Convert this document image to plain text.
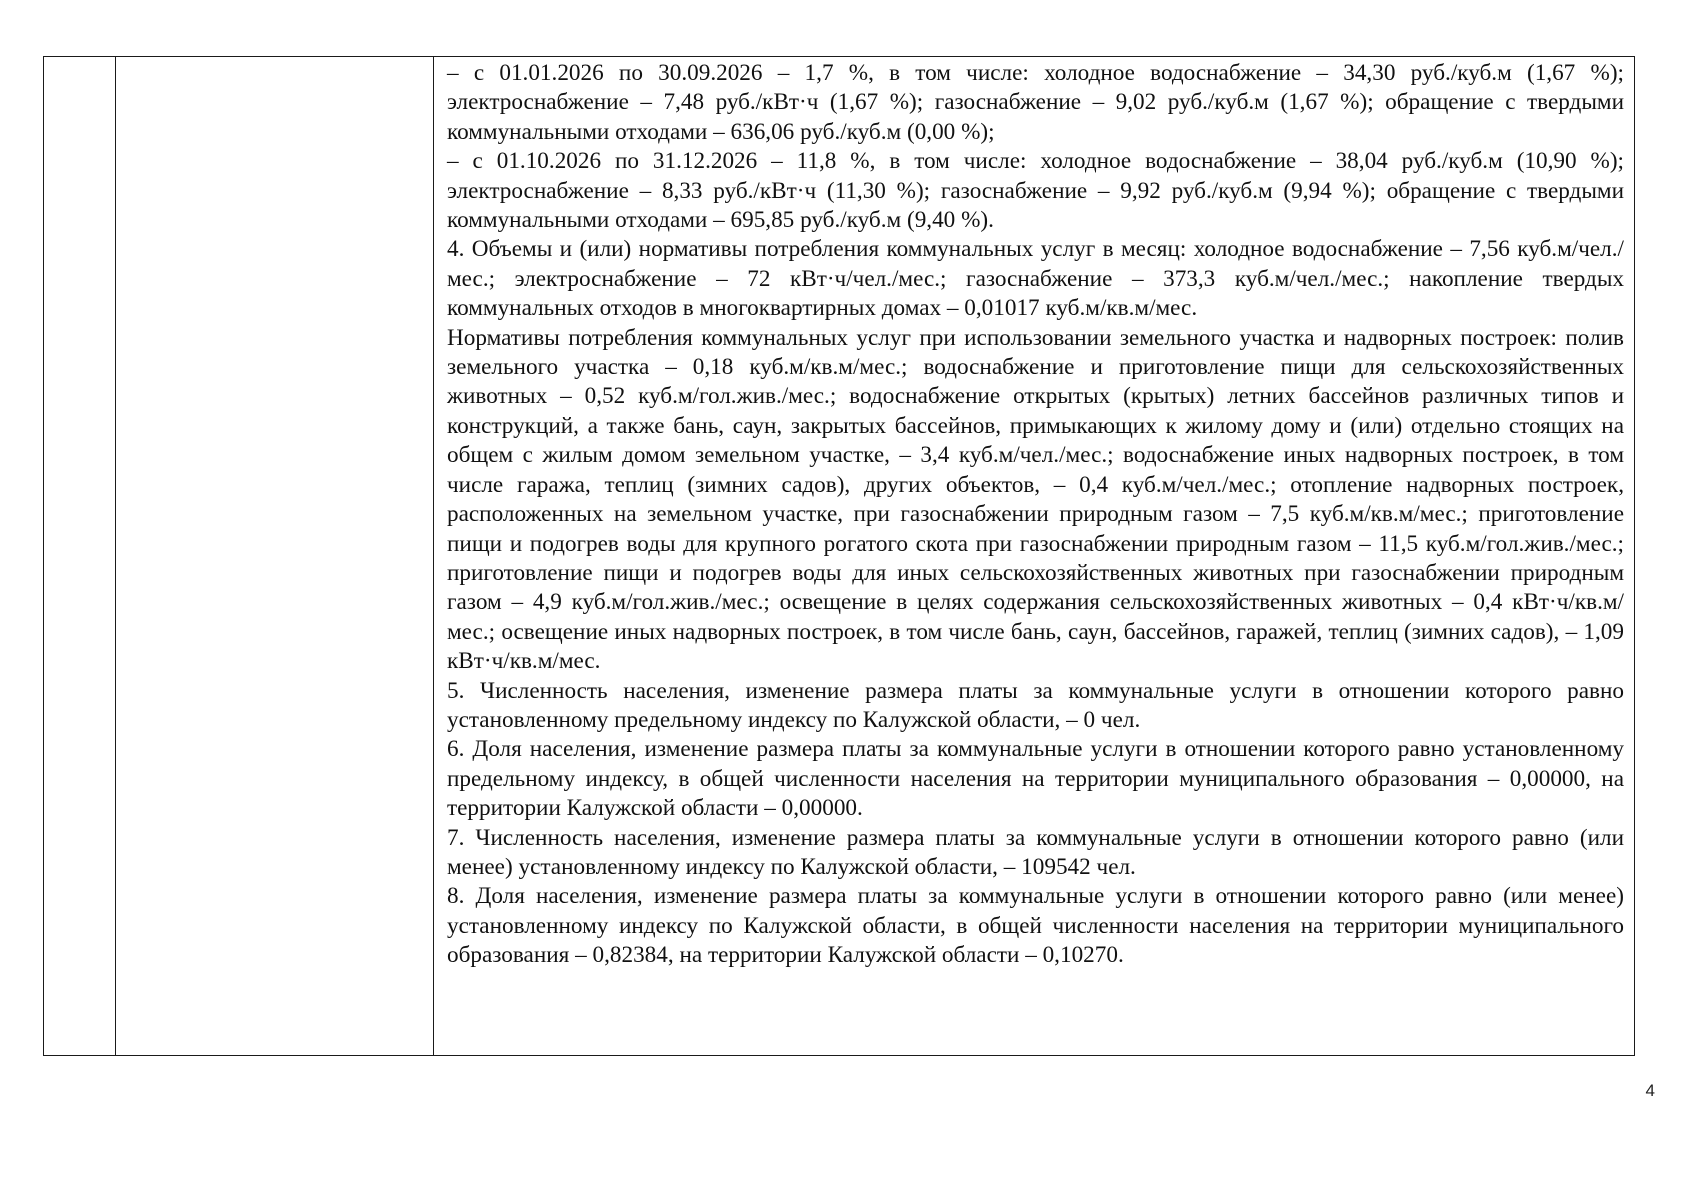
– с 01.01.2026 по 30.09.2026 – 1,7 %, в том числе: холодное водоснабжение – 34,30 руб./куб.м (1,67 %); электроснабжение – 7,48 руб./кВт·ч (1,67 %); газоснабжение – 9,02 руб./куб.м (1,67 %); обращение с твердыми коммунальными отходами – 636,06 руб./куб.м (0,00 %);

– с 01.10.2026 по 31.12.2026 – 11,8 %, в том числе: холодное водоснабжение – 38,04 руб./куб.м (10,90 %); электроснабжение – 8,33 руб./кВт·ч (11,30 %); газоснабжение – 9,92 руб./куб.м (9,94 %); обращение с твердыми коммунальными отходами – 695,85 руб./куб.м (9,40 %).

4. Объемы и (или) нормативы потребления коммунальных услуг в месяц: холодное водоснабжение – 7,56 куб.м/чел./мес.; электроснабжение – 72 кВт·ч/чел./мес.; газоснабжение – 373,3 куб.м/чел./мес.; накопление твердых коммунальных отходов в многоквартирных домах – 0,01017 куб.м/кв.м/мес.

Нормативы потребления коммунальных услуг при использовании земельного участка и надворных построек: полив земельного участка – 0,18 куб.м/кв.м/мес.; водоснабжение и приготовление пищи для сельскохозяйственных животных – 0,52 куб.м/гол.жив./мес.; водоснабжение открытых (крытых) летних бассейнов различных типов и конструкций, а также бань, саун, закрытых бассейнов, примыкающих к жилому дому и (или) отдельно стоящих на общем с жилым домом земельном участке, – 3,4 куб.м/чел./мес.; водоснабжение иных надворных построек, в том числе гаража, теплиц (зимних садов), других объектов, – 0,4 куб.м/чел./мес.; отопление надворных построек, расположенных на земельном участке, при газоснабжении природным газом – 7,5 куб.м/кв.м/мес.; приготовление пищи и подогрев воды для крупного рогатого скота при газоснабжении природным газом – 11,5 куб.м/гол.жив./мес.; приготовление пищи и подогрев воды для иных сельскохозяйственных животных при газоснабжении природным газом – 4,9 куб.м/гол.жив./мес.; освещение в целях содержания сельскохозяйственных животных – 0,4 кВт·ч/кв.м/мес.; освещение иных надворных построек, в том числе бань, саун, бассейнов, гаражей, теплиц (зимних садов), – 1,09 кВт·ч/кв.м/мес.

5. Численность населения, изменение размера платы за коммунальные услуги в отношении которого равно установленному предельному индексу по Калужской области, – 0 чел.

6. Доля населения, изменение размера платы за коммунальные услуги в отношении которого равно установленному предельному индексу, в общей численности населения на территории муниципального образования – 0,00000, на территории Калужской области – 0,00000.

7. Численность населения, изменение размера платы за коммунальные услуги в отношении которого равно (или менее) установленному индексу по Калужской области, – 109542 чел.

8. Доля населения, изменение размера платы за коммунальные услуги в отношении которого равно (или менее) установленному индексу по Калужской области, в общей численности населения на территории муниципального образования – 0,82384, на территории Калужской области – 0,10270.

4
